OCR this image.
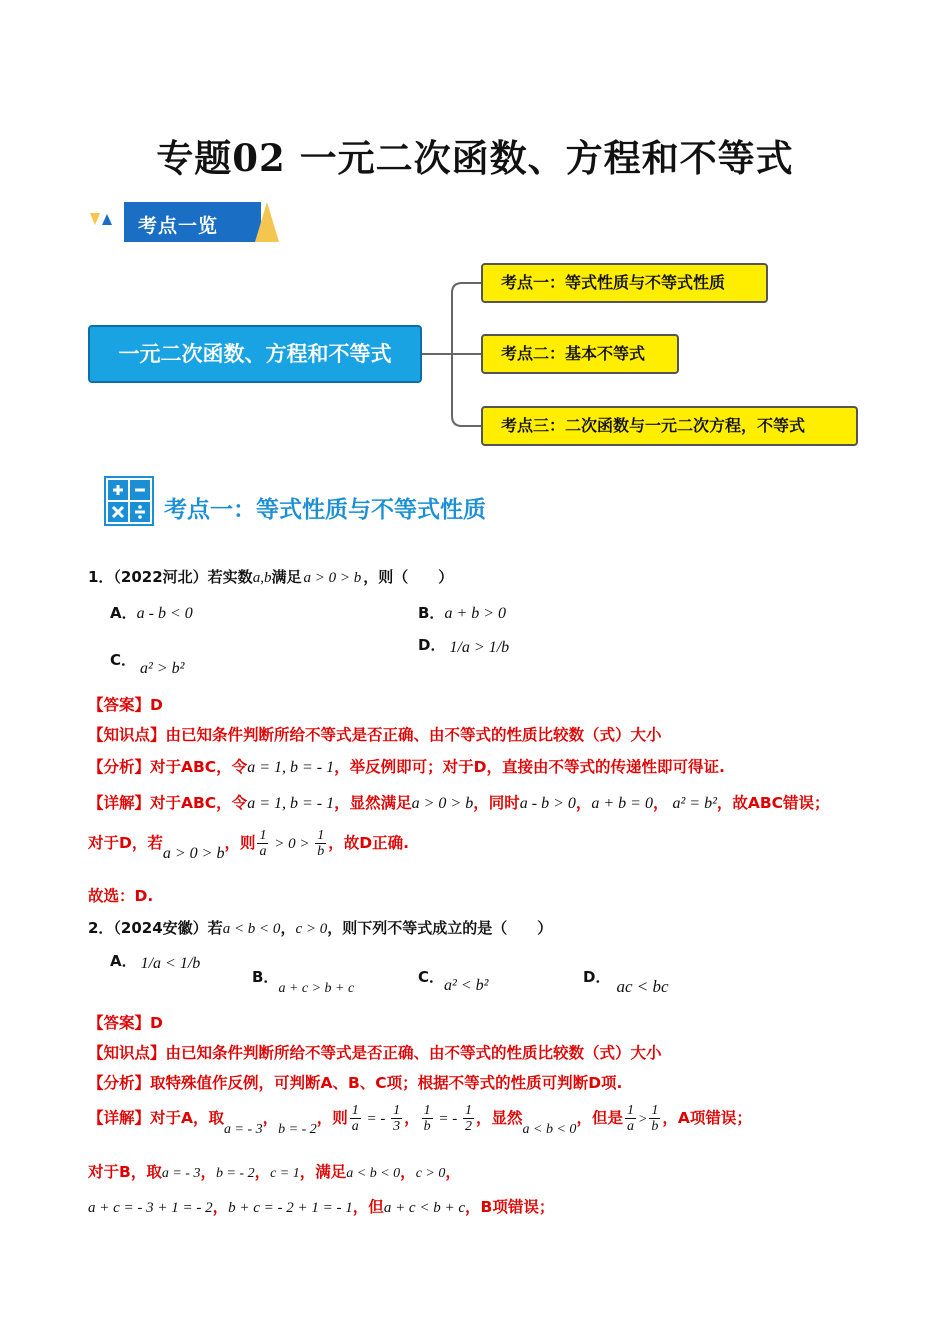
专题02 一元二次函数、方程和不等式
考点一览
一元二次函数、方程和不等式
考点一：等式性质与不等式性质
考点二：基本不等式
考点三：二次函数与一元二次方程，不等式
考点一：等式性质与不等式性质
1．（2022河北）若实数a,b满足 a > 0 > b ，则（　　）
A．a - b < 0	B．a + b > 0
C． a² > b²
D． 1/a > 1/b
【答案】D
【知识点】由已知条件判断所给不等式是否正确、由不等式的性质比较数（式）大小
【分析】对于ABC，令a = 1, b = - 1，举反例即可；对于D，直接由不等式的传递性即可得证.
【详解】对于ABC，令a = 1, b = - 1，显然满足a > 0 > b，同时a - b > 0，a + b = 0， a² = b²，故ABC错误；
对于D，若a > 0 > b，则 $\frac{1}{a} > 0 > \frac{1}{b}$ ，故D正确.
故选：D.
2．（2024安徽）若a < b < 0，c > 0，则下列不等式成立的是（　　）
A． 1/a < 1/b
B．a + c > b + c
C．a² < b²	D． ac < bc
【答案】D
【知识点】由已知条件判断所给不等式是否正确、由不等式的性质比较数（式）大小
【分析】取特殊值作反例，可判断A、B、C项；根据不等式的性质可判断D项.
【详解】对于A，取a = - 3，b = - 2，则 $\frac{1}{a}$ = - $\frac{1}{3}$ ， $\frac{1}{b}$ = - $\frac{1}{2}$ ，显然a < b < 0，但是 $\frac{1}{a} > \frac{1}{b}$ ，A项错误；
对于B，取a = - 3，b = - 2，c = 1，满足a < b < 0，c > 0，
a + c = - 3 + 1 = - 2，b + c = - 2 + 1 = - 1，但a + c < b + c，B项错误；
